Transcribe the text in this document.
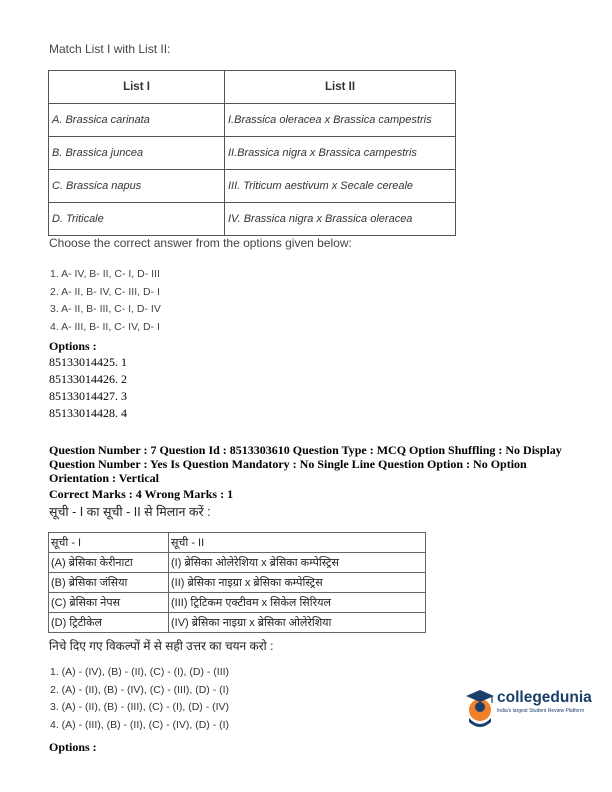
Match List I with List II:
List I	List II
A. Brassica carinata	I.Brassica oleracea x Brassica campestris
B. Brassica juncea	II.Brassica nigra x Brassica campestris
C. Brassica napus	III. Triticum aestivum x Secale cereale
D. Triticale	IV. Brassica nigra x Brassica oleracea
Choose the correct answer from the options given below:
1. A- IV, B- II, C- I, D- III
2. A- II, B- IV, C- III, D- I
3. A- II, B- III, C- I, D- IV
4. A- III, B- II, C- IV, D- I
Options :
85133014425. 1
85133014426. 2
85133014427. 3
85133014428. 4
Question Number : 7 Question Id : 8513303610 Question Type : MCQ Option Shuffling : No Display Question Number : Yes Is Question Mandatory : No Single Line Question Option : No Option Orientation : Vertical
Correct Marks : 4 Wrong Marks : 1
सूची - I का सूची - II से मिलान करें :
सूची - I	सूची - II
(A) ब्रेसिका केरीनाटा	(I) ब्रेसिका ओलेरेशिया x ब्रेसिका कम्पेस्ट्रिस
(B) ब्रेसिका जंसिया	(II) ब्रेसिका नाइग्रा x ब्रेसिका कम्पेस्ट्रिस
(C) ब्रेसिका नेपस	(III) ट्रिटिकम एक्टीवम x सिकेल सिरियल
(D) ट्रिटीकेल	(IV) ब्रेसिका नाइग्रा x ब्रेसिका ओलेरेशिया
निचे दिए गए विकल्पों में से सही उत्तर का चयन करो :
1. (A) - (IV), (B) - (II), (C) - (I), (D) - (III)
2. (A) - (II), (B) - (IV), (C) - (III), (D) - (I)
3. (A) - (II), (B) - (III), (C) - (I), (D) - (IV)
4. (A) - (III), (B) - (II), (C) - (IV), (D) - (I)
Options :
collegedunia
India's largest Student Review Platform
